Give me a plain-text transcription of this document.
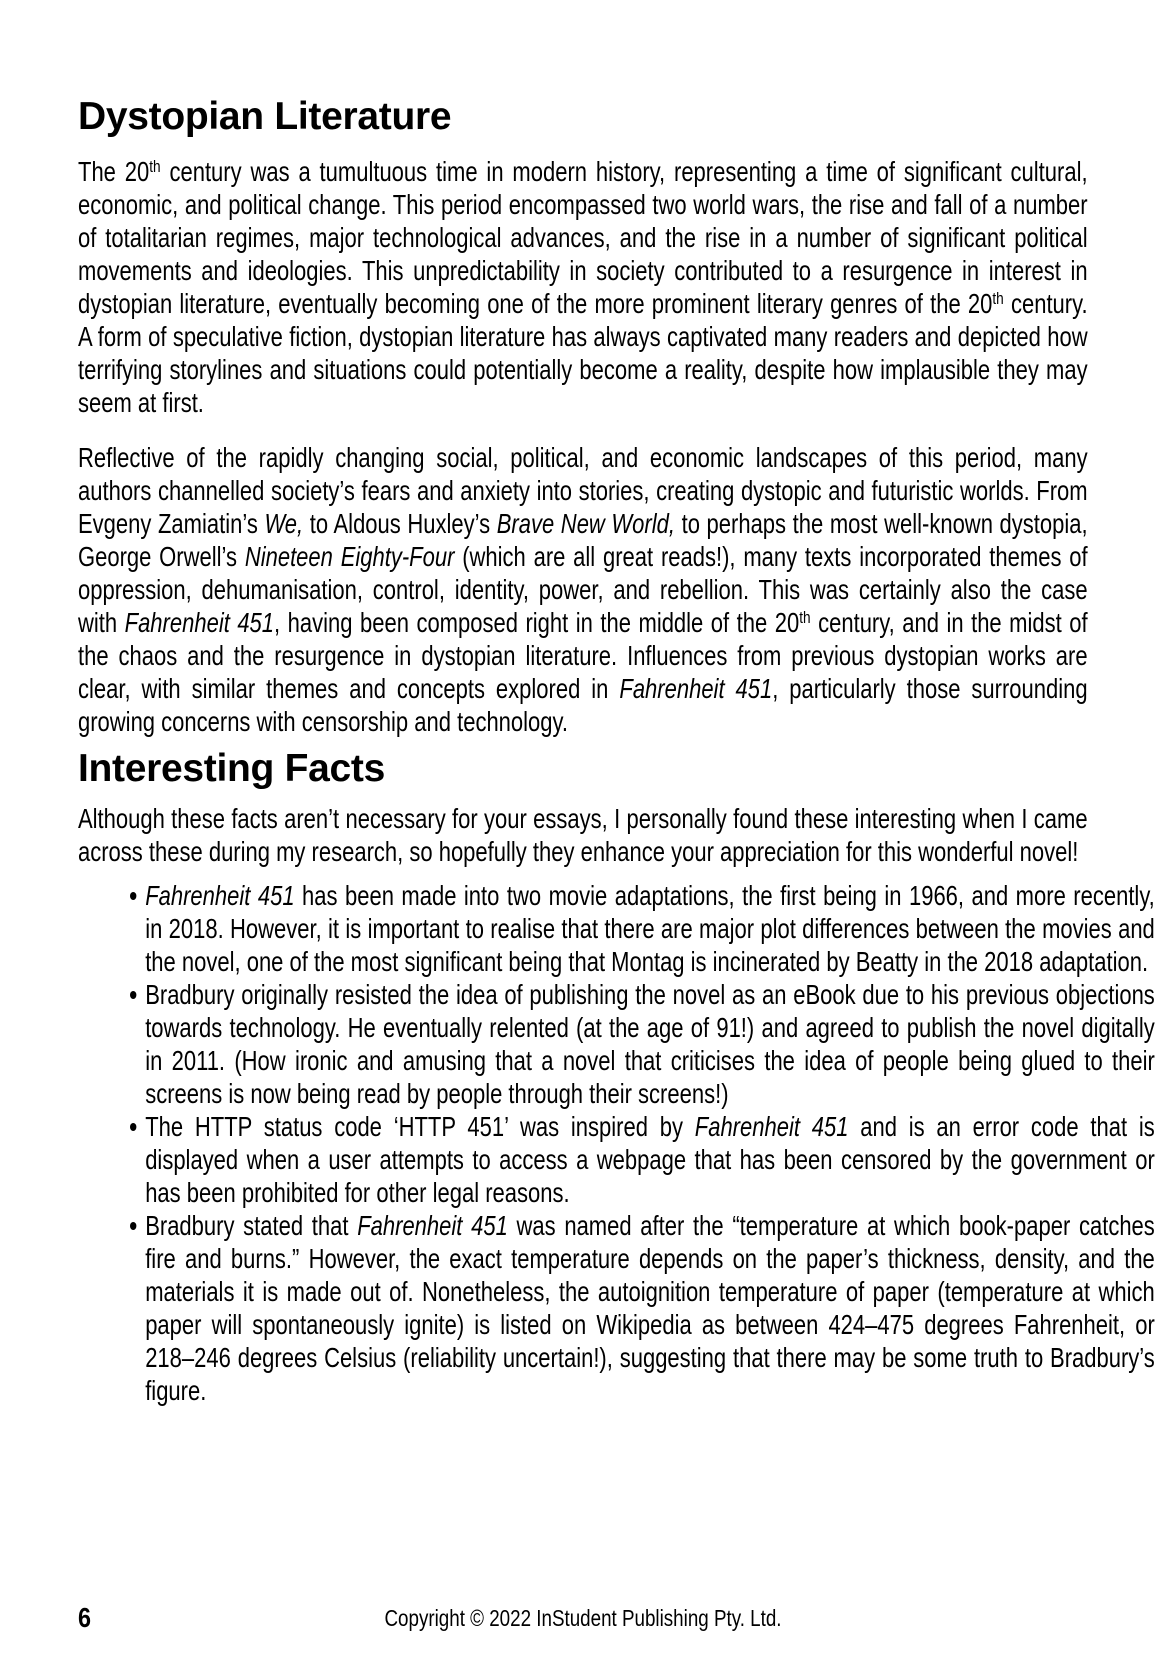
Dystopian Literature

The 20th century was a tumultuous time in modern history, representing a time of significant cultural, economic, and political change. This period encompassed two world wars, the rise and fall of a number of totalitarian regimes, major technological advances, and the rise in a number of significant political movements and ideologies. This unpredictability in society contributed to a resurgence in interest in dystopian literature, eventually becoming one of the more prominent literary genres of the 20th century. A form of speculative fiction, dystopian literature has always captivated many readers and depicted how terrifying storylines and situations could potentially become a reality, despite how implausible they may seem at first.

Reflective of the rapidly changing social, political, and economic landscapes of this period, many authors channelled society’s fears and anxiety into stories, creating dystopic and futuristic worlds. From Evgeny Zamiatin’s We, to Aldous Huxley’s Brave New World, to perhaps the most well-known dystopia, George Orwell’s Nineteen Eighty-Four (which are all great reads!), many texts incorporated themes of oppression, dehumanisation, control, identity, power, and rebellion. This was certainly also the case with Fahrenheit 451, having been composed right in the middle of the 20th century, and in the midst of the chaos and the resurgence in dystopian literature. Influences from previous dystopian works are clear, with similar themes and concepts explored in Fahrenheit 451, particularly those surrounding growing concerns with censorship and technology.

Interesting Facts

Although these facts aren’t necessary for your essays, I personally found these interesting when I came across these during my research, so hopefully they enhance your appreciation for this wonderful novel!

Fahrenheit 451 has been made into two movie adaptations, the first being in 1966, and more recently, in 2018. However, it is important to realise that there are major plot differences between the movies and the novel, one of the most significant being that Montag is incinerated by Beatty in the 2018 adaptation.
Bradbury originally resisted the idea of publishing the novel as an eBook due to his previous objections towards technology. He eventually relented (at the age of 91!) and agreed to publish the novel digitally in 2011. (How ironic and amusing that a novel that criticises the idea of people being glued to their screens is now being read by people through their screens!)
The HTTP status code ‘HTTP 451’ was inspired by Fahrenheit 451 and is an error code that is displayed when a user attempts to access a webpage that has been censored by the government or has been prohibited for other legal reasons.
Bradbury stated that Fahrenheit 451 was named after the “temperature at which book-paper catches fire and burns.” However, the exact temperature depends on the paper’s thickness, density, and the materials it is made out of. Nonetheless, the autoignition temperature of paper (temperature at which paper will spontaneously ignite) is listed on Wikipedia as between 424–475 degrees Fahrenheit, or 218–246 degrees Celsius (reliability uncertain!), suggesting that there may be some truth to Bradbury’s figure.
6	Copyright © 2022 InStudent Publishing Pty. Ltd.
